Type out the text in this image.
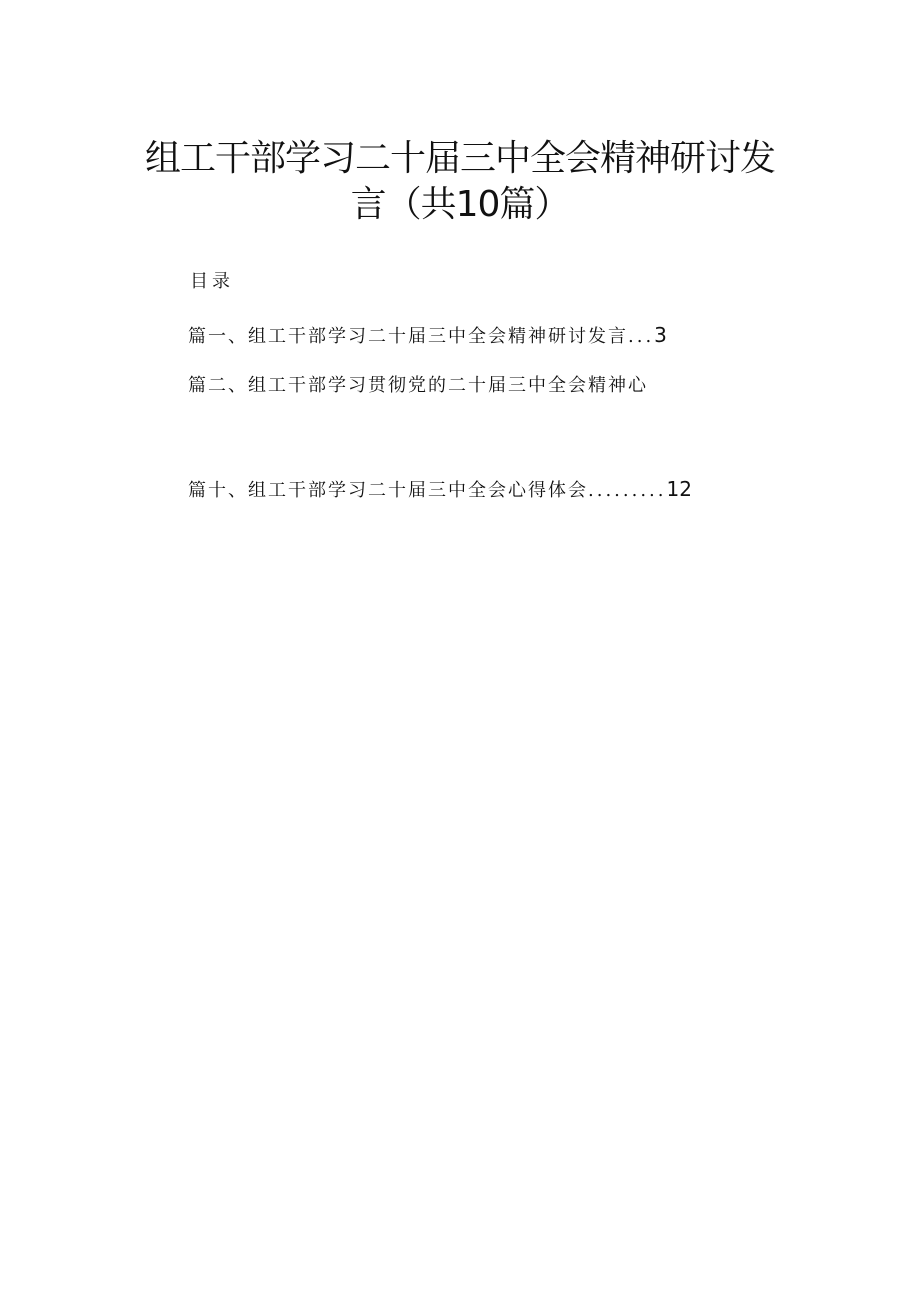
组工干部学习二十届三中全会精神研讨发
言（共10篇）
目录
篇一、组工干部学习二十届三中全会精神研讨发言...3
篇二、组工干部学习贯彻党的二十届三中全会精神心
篇十、组工干部学习二十届三中全会心得体会.........12
